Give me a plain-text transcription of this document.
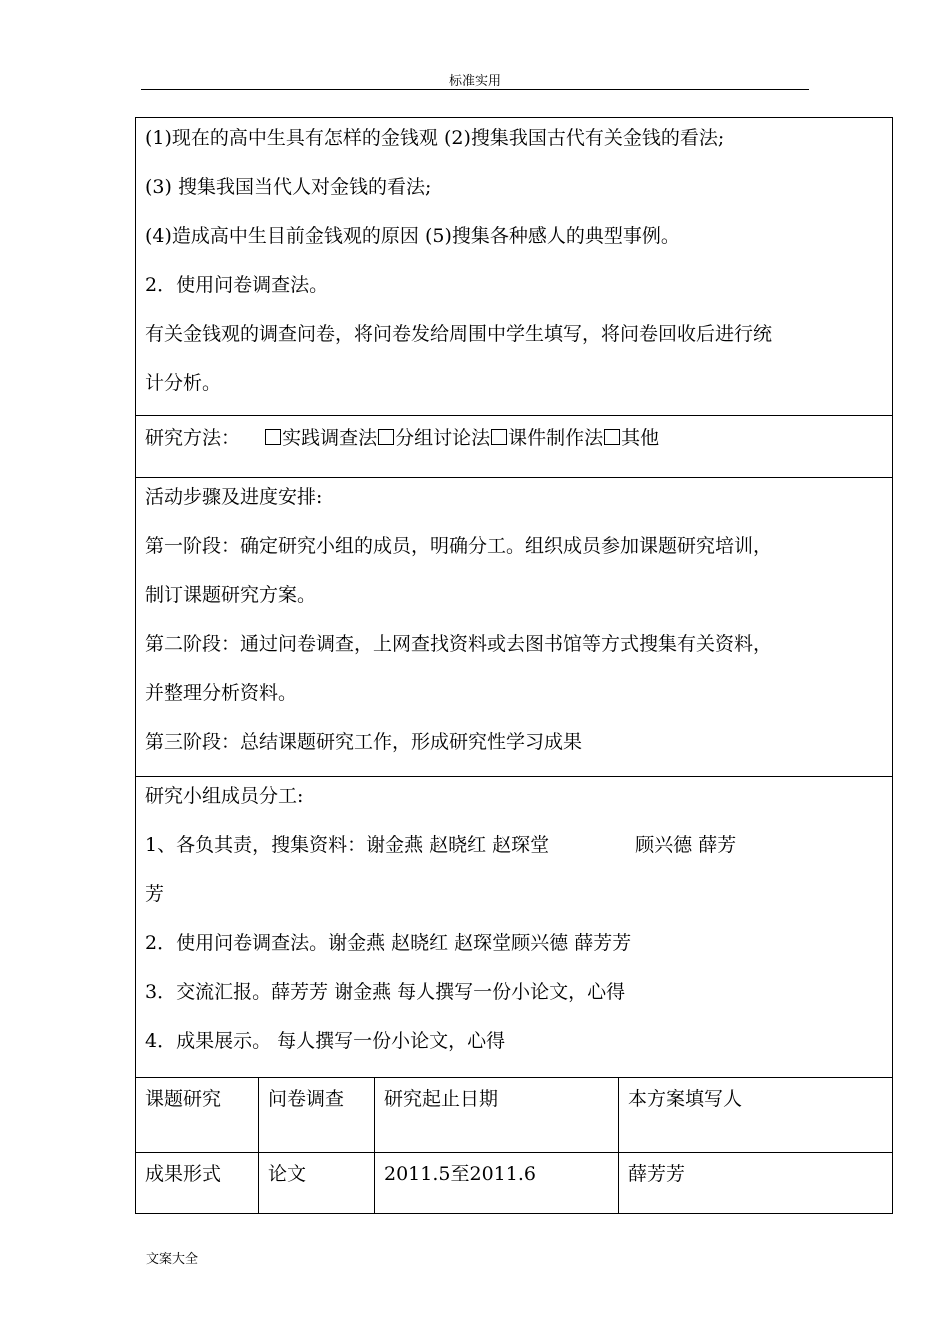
标准实用
(1)现在的高中生具有怎样的金钱观 (2)搜集我国古代有关金钱的看法;
(3) 搜集我国当代人对金钱的看法;
(4)造成高中生目前金钱观的原因 (5)搜集各种感人的典型事例。
2．使用问卷调查法。
有关金钱观的调查问卷，将问卷发给周围中学生填写，将问卷回收后进行统
计分析。
研究方法： 实践调查法 分组讨论法 课件制作法 其他
活动步骤及进度安排:
第一阶段：确定研究小组的成员，明确分工。组织成员参加课题研究培训，
制订课题研究方案。
第二阶段：通过问卷调查，上网查找资料或去图书馆等方式搜集有关资料，
并整理分析资料。
第三阶段：总结课题研究工作，形成研究性学习成果
研究小组成员分工:
1、各负其责，搜集资料：谢金燕 赵晓红 赵琛堂	顾兴德 薛芳
芳
2．使用问卷调查法。谢金燕 赵晓红 赵琛堂顾兴德 薛芳芳
3．交流汇报。薛芳芳 谢金燕 每人撰写一份小论文，心得
4．成果展示。 每人撰写一份小论文，心得
课题研究	问卷调查	研究起止日期	本方案填写人
成果形式	论文	2011.5至2011.6	薛芳芳
文案大全
